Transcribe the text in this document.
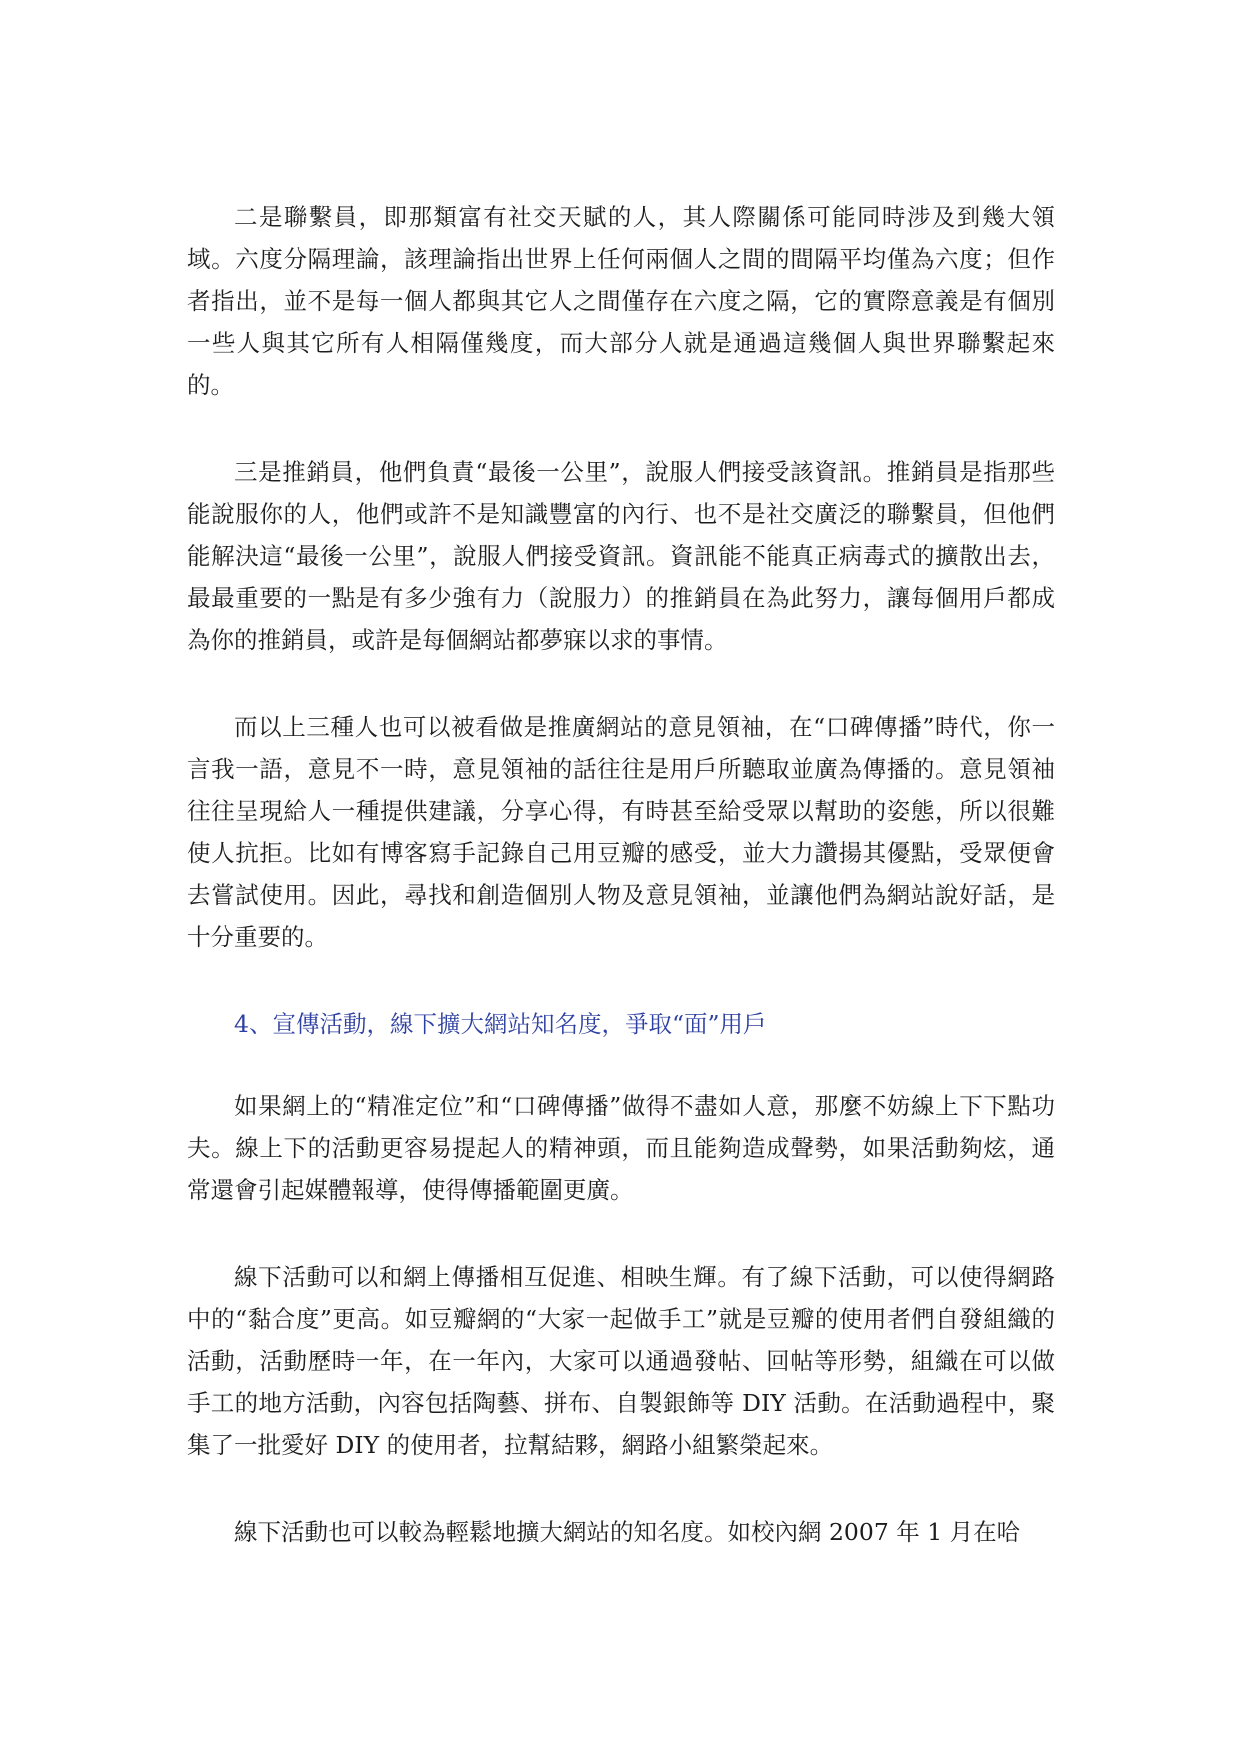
二是聯繫員，即那類富有社交天賦的人，其人際關係可能同時涉及到幾大領域。六度分隔理論，該理論指出世界上任何兩個人之間的間隔平均僅為六度；但作者指出，並不是每一個人都與其它人之間僅存在六度之隔，它的實際意義是有個別一些人與其它所有人相隔僅幾度，而大部分人就是通過這幾個人與世界聯繫起來的。

三是推銷員，他們負責“最後一公里”，說服人們接受該資訊。推銷員是指那些能說服你的人，他們或許不是知識豐富的內行、也不是社交廣泛的聯繫員，但他們能解決這“最後一公里”，說服人們接受資訊。資訊能不能真正病毒式的擴散出去，最最重要的一點是有多少強有力（說服力）的推銷員在為此努力，讓每個用戶都成為你的推銷員，或許是每個網站都夢寐以求的事情。

而以上三種人也可以被看做是推廣網站的意見領袖，在“口碑傳播”時代，你一言我一語，意見不一時，意見領袖的話往往是用戶所聽取並廣為傳播的。意見領袖往往呈現給人一種提供建議，分享心得，有時甚至給受眾以幫助的姿態，所以很難使人抗拒。比如有博客寫手記錄自己用豆瓣的感受，並大力讚揚其優點，受眾便會去嘗試使用。因此，尋找和創造個別人物及意見領袖，並讓他們為網站說好話，是十分重要的。

4、宣傳活動，線下擴大網站知名度，爭取“面”用戶

如果網上的“精准定位”和“口碑傳播”做得不盡如人意，那麼不妨線上下下點功夫。線上下的活動更容易提起人的精神頭，而且能夠造成聲勢，如果活動夠炫，通常還會引起媒體報導，使得傳播範圍更廣。

線下活動可以和網上傳播相互促進、相映生輝。有了線下活動，可以使得網路中的“黏合度”更高。如豆瓣網的“大家一起做手工”就是豆瓣的使用者們自發組織的活動，活動歷時一年，在一年內，大家可以通過發帖、回帖等形勢，組織在可以做手工的地方活動，內容包括陶藝、拼布、自製銀飾等 DIY 活動。在活動過程中，聚集了一批愛好 DIY 的使用者，拉幫結夥，網路小組繁榮起來。

線下活動也可以較為輕鬆地擴大網站的知名度。如校內網 2007 年 1 月在哈
